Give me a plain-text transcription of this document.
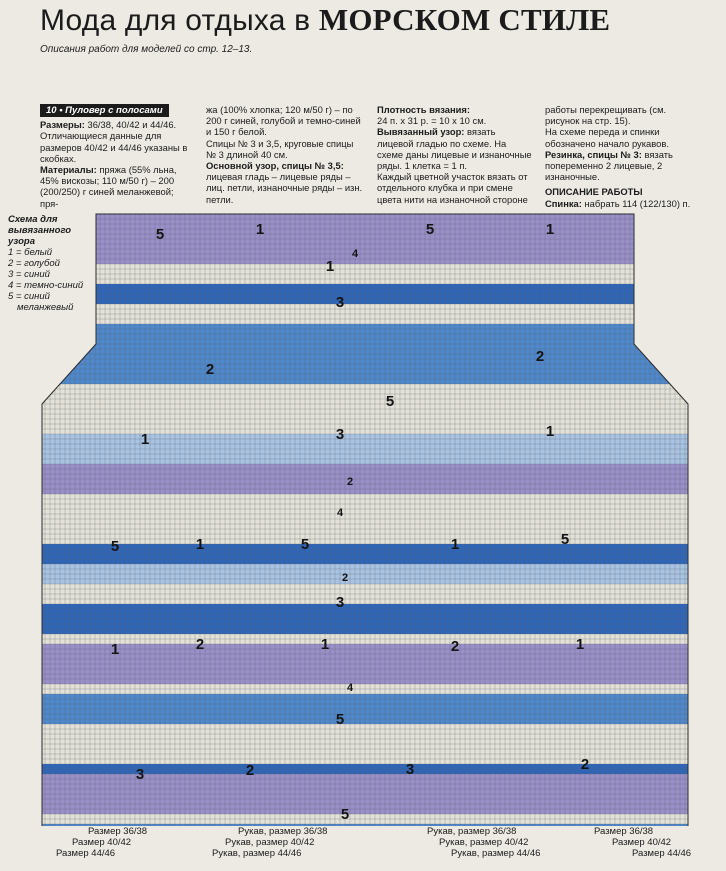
Мода для отдыха в МОРСКОМ СТИЛЕ
Описания работ для моделей со стр. 12–13.
10 • Пуловер с полосами

Размеры: 36/38, 40/42 и 44/46.

Отличающиеся данные для размеров 40/42 и 44/46 указаны в скобках.

Материалы: пряжа (55% льна, 45% вискозы; 110 м/50 г) – 200 (200/250) г синей меланжевой; пря-

жа (100% хлопка; 120 м/50 г) – по 200 г синей, голубой и темно-синей и 150 г белой.

Спицы № 3 и 3,5, круговые спицы № 3 длиной 40 см.

Основной узор, спицы № 3,5: лицевая гладь – лицевые ряды – лиц. петли, изнаночные ряды – изн. петли.

Плотность вязания:

24 п. х 31 р. = 10 х 10 см.

Вывязанный узор: вязать лицевой гладью по схеме. На схеме даны лицевые и изнаночные ряды. 1 клетка = 1 п.

Каждый цветной участок вязать от отдельного клубка и при смене цвета нити на изнаночной стороне

работы перекрещивать (см. рисунок на стр. 15).

На схеме переда и спинки обозначено начало рукавов.

Резинка, спицы № 3: вязать попеременно 2 лицевые, 2 изнаночные.

ОПИСАНИЕ РАБОТЫ

Спинка: набрать 114 (122/130) п.

5	1	5	1
4
1
3
2
2
5
1	3	1
2
4
5	1	5	1	5
2
3
1	2	1	2	1
4
5
3	2	3	2
5
Схема для вывязанного узора
1 = белый
2 = голубой
3 = синий
4 = темно-синий
5 = синий меланжевый
Размер 36/38
Размер 40/42
Размер 44/46
Рукав, размер 36/38
Рукав, размер 40/42
Рукав, размер 44/46
Рукав, размер 36/38
Рукав, размер 40/42
Рукав, размер 44/46
Размер 36/38
Размер 40/42
Размер 44/46
